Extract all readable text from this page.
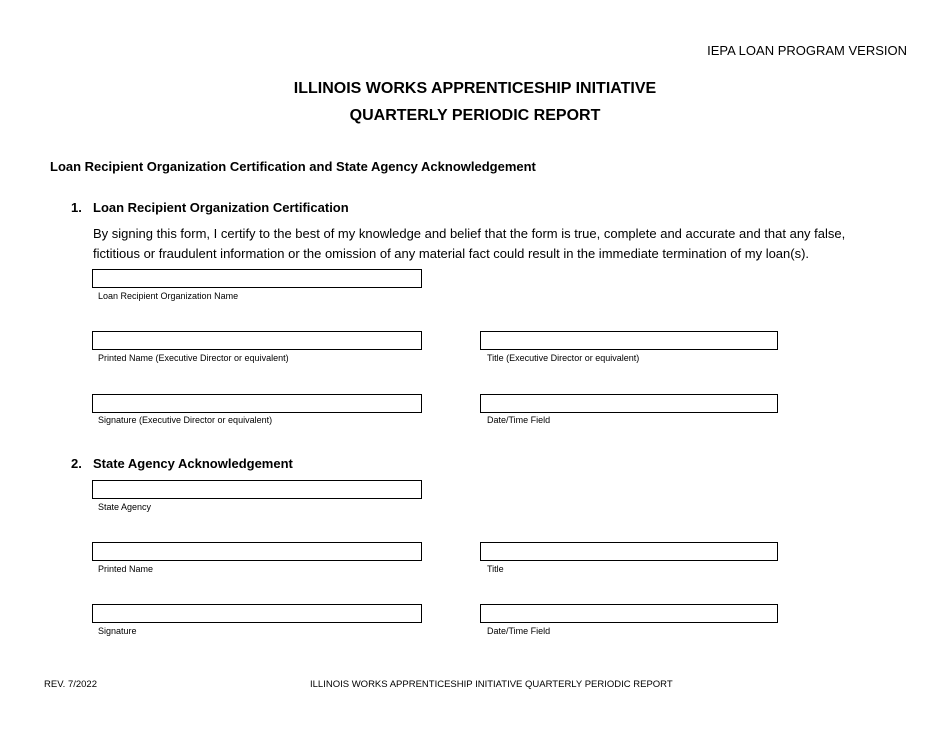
IEPA LOAN PROGRAM VERSION
ILLINOIS WORKS APPRENTICESHIP INITIATIVE
QUARTERLY PERIODIC REPORT
Loan Recipient Organization Certification and State Agency Acknowledgement
1. Loan Recipient Organization Certification
By signing this form, I certify to the best of my knowledge and belief that the form is true, complete and accurate and that any false, fictitious or fraudulent information or the omission of any material fact could result in the immediate termination of my loan(s).
Loan Recipient Organization Name
Printed Name (Executive Director or equivalent)	Title (Executive Director or equivalent)
Signature (Executive Director or equivalent)	Date/Time Field
2. State Agency Acknowledgement
State Agency
Printed Name	Title
Signature	Date/Time Field
REV. 7/2022	ILLINOIS WORKS APPRENTICESHIP INITIATIVE QUARTERLY PERIODIC REPORT
